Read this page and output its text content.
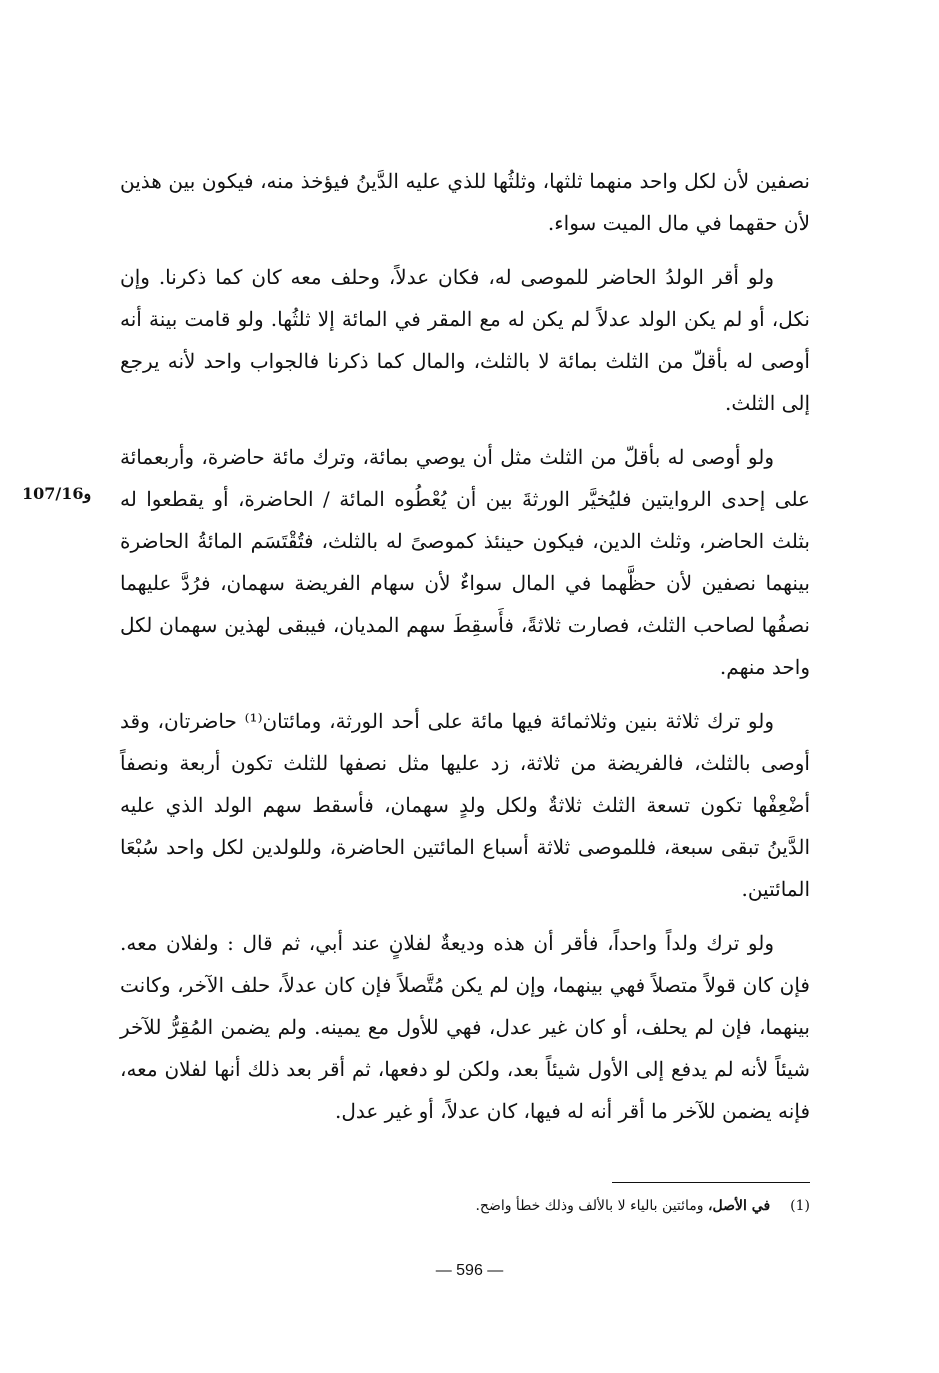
107/16و

نصفين لأن لكل واحد منهما ثلثها، وثلثُها للذي عليه الدَّينُ فيؤخذ منه، فيكون بين هذين لأن حقهما في مال الميت سواء.

ولو أقر الولدُ الحاضر للموصى له، فكان عدلاً، وحلف معه كان كما ذكرنا. وإن نكل، أو لم يكن الولد عدلاً لم يكن له مع المقر في المائة إلا ثلثُها. ولو قامت بينة أنه أوصى له بأقلّ من الثلث بمائة لا بالثلث، والمال كما ذكرنا فالجواب واحد لأنه يرجع إلى الثلث.

ولو أوصى له بأقلّ من الثلث مثل أن يوصي بمائة، وترك مائة حاضرة، وأربعمائة على إحدى الروايتين فليُخيَّر الورثةَ بين أن يُعْطُوه المائة / الحاضرة، أو يقطعوا له بثلث الحاضر، وثلث الدين، فيكون حينئذ كموصىً له بالثلث، فتُقْتَسَم المائةُ الحاضرة بينهما نصفين لأن حظَّهما في المال سواءٌ لأن سهام الفريضة سهمان، فرُدَّ عليهما نصفُها لصاحب الثلث، فصارت ثلاثةً، فأَسقِطَ سهم المديان، فيبقى لهذين سهمان لكل واحد منهم.

ولو ترك ثلاثة بنين وثلاثمائة فيها مائة على أحد الورثة، ومائتان⁽¹⁾ حاضرتان، وقد أوصى بالثلث، فالفريضة من ثلاثة، زد عليها مثل نصفها للثلث تكون أربعة ونصفاً أضْعِفْها تكون تسعة الثلث ثلاثةٌ ولكل ولدٍ سهمان، فأسقط سهم الولد الذي عليه الدَّينُ تبقى سبعة، فللموصى ثلاثة أسباع المائتين الحاضرة، وللولدين لكل واحد سُبْعَا المائتين.

ولو ترك ولداً واحداً، فأقر أن هذه وديعةٌ لفلانٍ عند أبي، ثم قال : ولفلان معه. فإن كان قولاً متصلاً فهي بينهما، وإن لم يكن مُتَّصلاً فإن كان عدلاً، حلف الآخر، وكانت بينهما، فإن لم يحلف، أو كان غير عدل، فهي للأول مع يمينه. ولم يضمن المُقِرُّ للآخر شيئاً لأنه لم يدفع إلى الأول شيئاً بعد، ولكن لو دفعها، ثم أقر بعد ذلك أنها لفلان معه، فإنه يضمن للآخر ما أقر أنه له فيها، كان عدلاً، أو غير عدل.

(1)في الأصل، ومائتين بالياء لا بالألف وذلك خطأ واضح.
— 596 —
